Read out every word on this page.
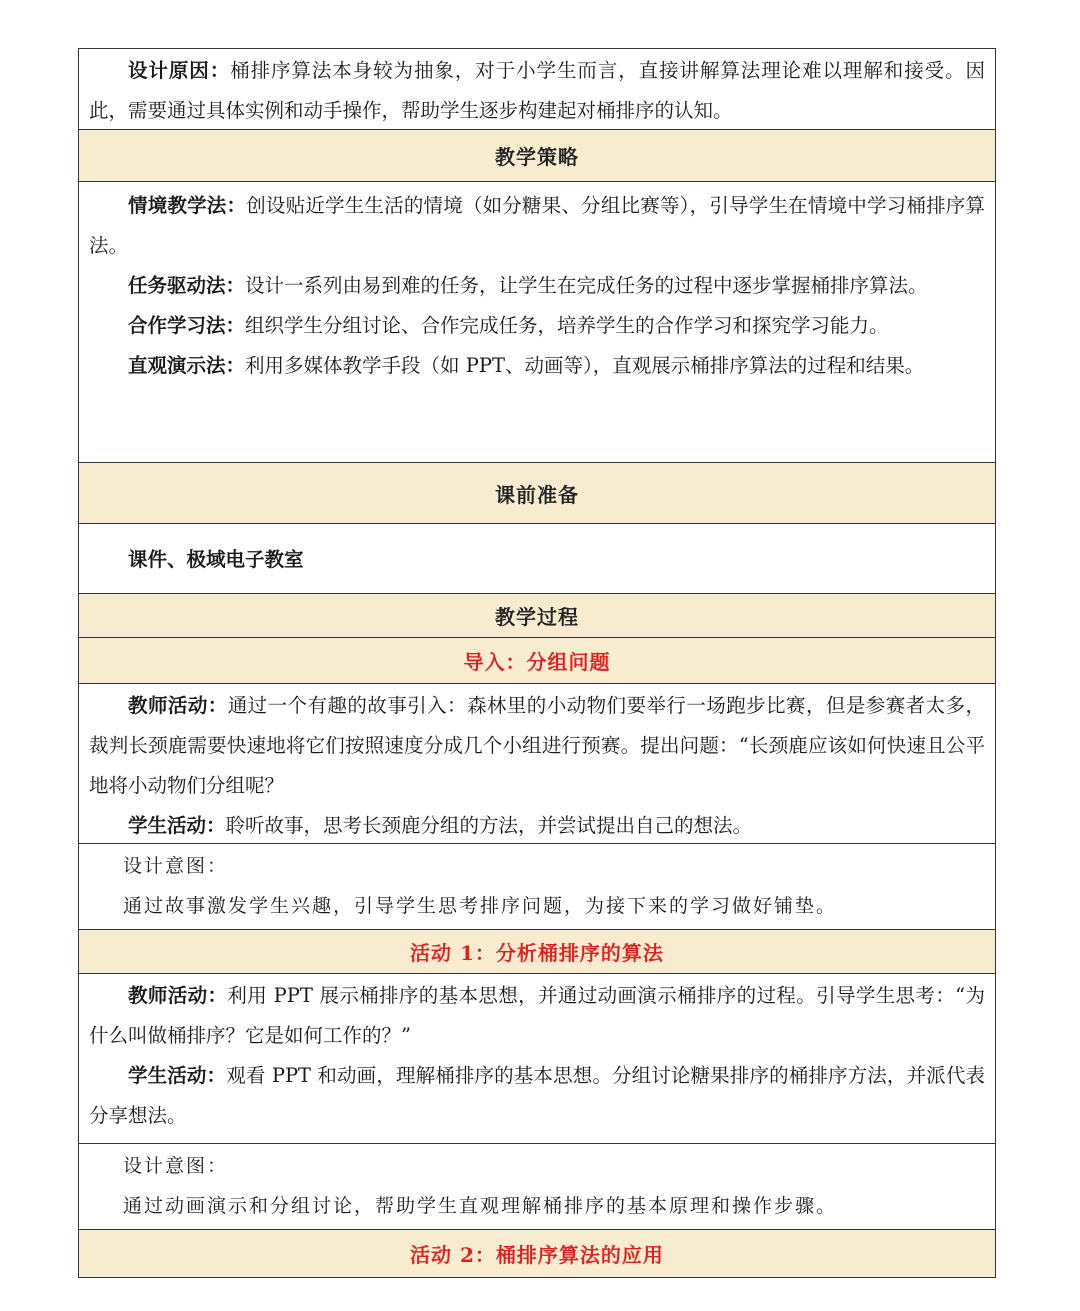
设计原因：桶排序算法本身较为抽象，对于小学生而言，直接讲解算法理论难以理解和接受。因此，需要通过具体实例和动手操作，帮助学生逐步构建起对桶排序的认知。

教学策略

情境教学法：创设贴近学生生活的情境（如分糖果、分组比赛等），引导学生在情境中学习桶排序算法。

任务驱动法：设计一系列由易到难的任务，让学生在完成任务的过程中逐步掌握桶排序算法。

合作学习法：组织学生分组讨论、合作完成任务，培养学生的合作学习和探究学习能力。

直观演示法：利用多媒体教学手段（如 PPT、动画等），直观展示桶排序算法的过程和结果。

课前准备

课件、极域电子教室

教学过程
导入：分组问题

教师活动：通过一个有趣的故事引入：森林里的小动物们要举行一场跑步比赛，但是参赛者太多，裁判长颈鹿需要快速地将它们按照速度分成几个小组进行预赛。提出问题：“长颈鹿应该如何快速且公平地将小动物们分组呢？

学生活动：聆听故事，思考长颈鹿分组的方法，并尝试提出自己的想法。

设计意图：

通过故事激发学生兴趣，引导学生思考排序问题，为接下来的学习做好铺垫。

活动 1：分析桶排序的算法

教师活动：利用 PPT 展示桶排序的基本思想，并通过动画演示桶排序的过程。引导学生思考：“为什么叫做桶排序？它是如何工作的？”

学生活动：观看 PPT 和动画，理解桶排序的基本思想。分组讨论糖果排序的桶排序方法，并派代表分享想法。

设计意图：

通过动画演示和分组讨论，帮助学生直观理解桶排序的基本原理和操作步骤。

活动 2：桶排序算法的应用
